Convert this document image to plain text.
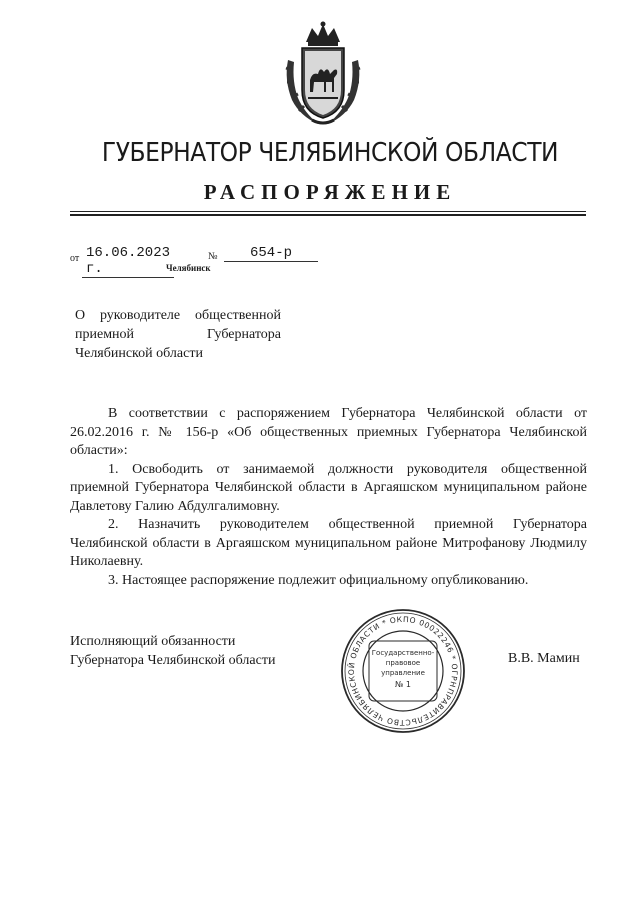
ГУБЕРНАТОР ЧЕЛЯБИНСКОЙ ОБЛАСТИ
РАСПОРЯЖЕНИЕ
от 16.06.2023 г.
№	654-р
Челябинск
О руководителе общественной
приемной Губернатора
Челябинской области

В соответствии с распоряжением Губернатора Челябинской области от 26.02.2016 г. № 156-р «Об общественных приемных Губернатора Челябинской области»:

1. Освободить от занимаемой должности руководителя общественной приемной Губернатора Челябинской области в Аргаяшском муниципальном районе Давлетову Галию Абдулгалимовну.

2. Назначить руководителем общественной приемной Губернатора Челябинской области в Аргаяшском муниципальном районе Митрофанову Людмилу Николаевну.

3. Настоящее распоряжение подлежит официальному опубликованию.

Исполняющий обязанности
Губернатора Челябинской области	В.В. Мамин
ПРАВИТЕЛЬСТВО ЧЕЛЯБИНСКОЙ ОБЛАСТИ * ОКПО 00022246 * ОГРН
Государственно-
правовое
управление
№ 1
